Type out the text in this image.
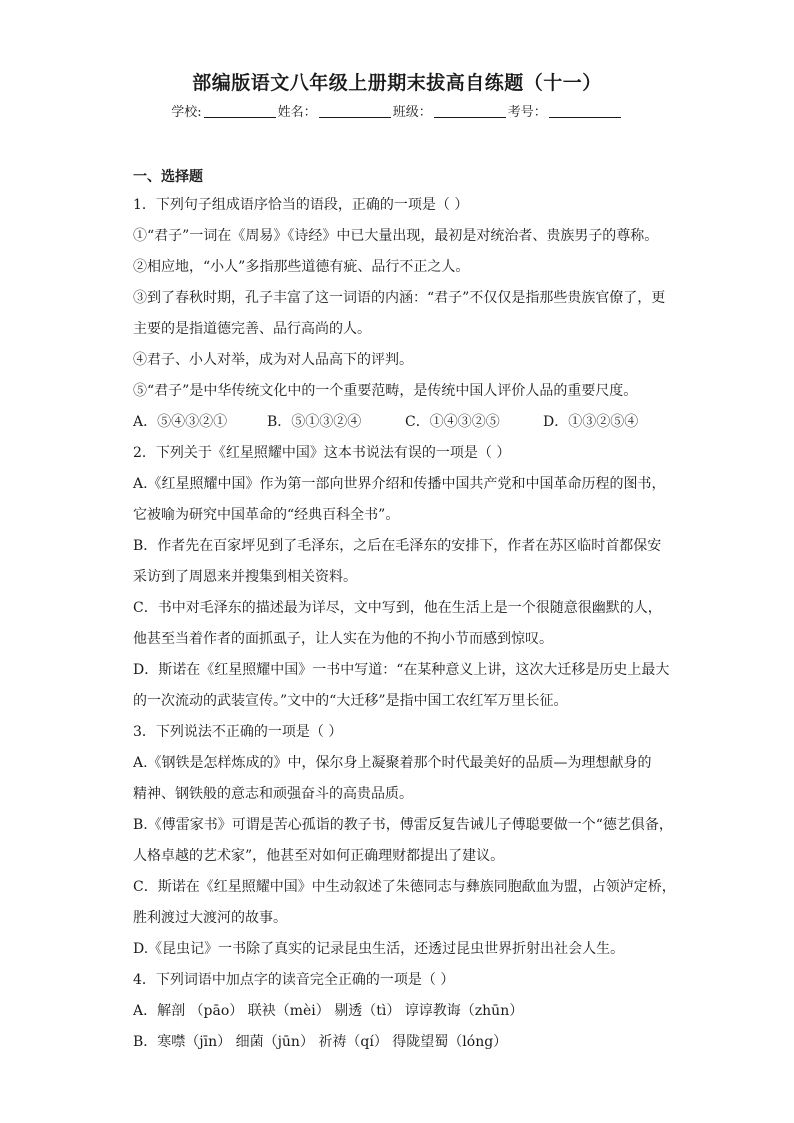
部编版语文八年级上册期末拔高自练题（十一）
学校:	姓名：	班级：	考号：
一、选择题
1．下列句子组成语序恰当的语段，正确的一项是（ ）
①“君子”一词在《周易》《诗经》中已大量出现，最初是对统治者、贵族男子的尊称。
②相应地，“小人”多指那些道德有疵、品行不正之人。
③到了春秋时期，孔子丰富了这一词语的内涵：“君子”不仅仅是指那些贵族官僚了，更
主要的是指道德完善、品行高尚的人。
④君子、小人对举，成为对人品高下的评判。
⑤“君子”是中华传统文化中的一个重要范畴，是传统中国人评价人品的重要尺度。
A．⑤④③②①	B．⑤①③②④	C．①④③②⑤	D．①③②⑤④
2．下列关于《红星照耀中国》这本书说法有误的一项是（ ）
A.《红星照耀中国》作为第一部向世界介绍和传播中国共产党和中国革命历程的图书，
它被喻为研究中国革命的“经典百科全书”。
B．作者先在百家坪见到了毛泽东，之后在毛泽东的安排下，作者在苏区临时首都保安
采访到了周恩来并搜集到相关资料。
C．书中对毛泽东的描述最为详尽，文中写到，他在生活上是一个很随意很幽默的人，
他甚至当着作者的面抓虱子，让人实在为他的不拘小节而感到惊叹。
D．斯诺在《红星照耀中国》一书中写道：“在某种意义上讲，这次大迁移是历史上最大
的一次流动的武装宣传。”文中的“大迁移”是指中国工农红军万里长征。
3．下列说法不正确的一项是（ ）
A.《钢铁是怎样炼成的》中，保尔身上凝聚着那个时代最美好的品质—为理想献身的
精神、钢铁般的意志和顽强奋斗的高贵品质。
B.《傅雷家书》可谓是苦心孤诣的教子书，傅雷反复告诫儿子傅聪要做一个“德艺俱备，
人格卓越的艺术家”，他甚至对如何正确理财都提出了建议。
C．斯诺在《红星照耀中国》中生动叙述了朱德同志与彝族同胞歃血为盟，占领泸定桥，
胜利渡过大渡河的故事。
D.《昆虫记》一书除了真实的记录昆虫生活，还透过昆虫世界折射出社会人生。
4．下列词语中加点字的读音完全正确的一项是（ ）
A．解剖 （pāo） 联袂（mèi） 剔透（tì） 谆谆教诲（zhūn）
B．寒噤（jīn） 细菌（jūn） 祈祷（qí） 得陇望蜀（lóng）
